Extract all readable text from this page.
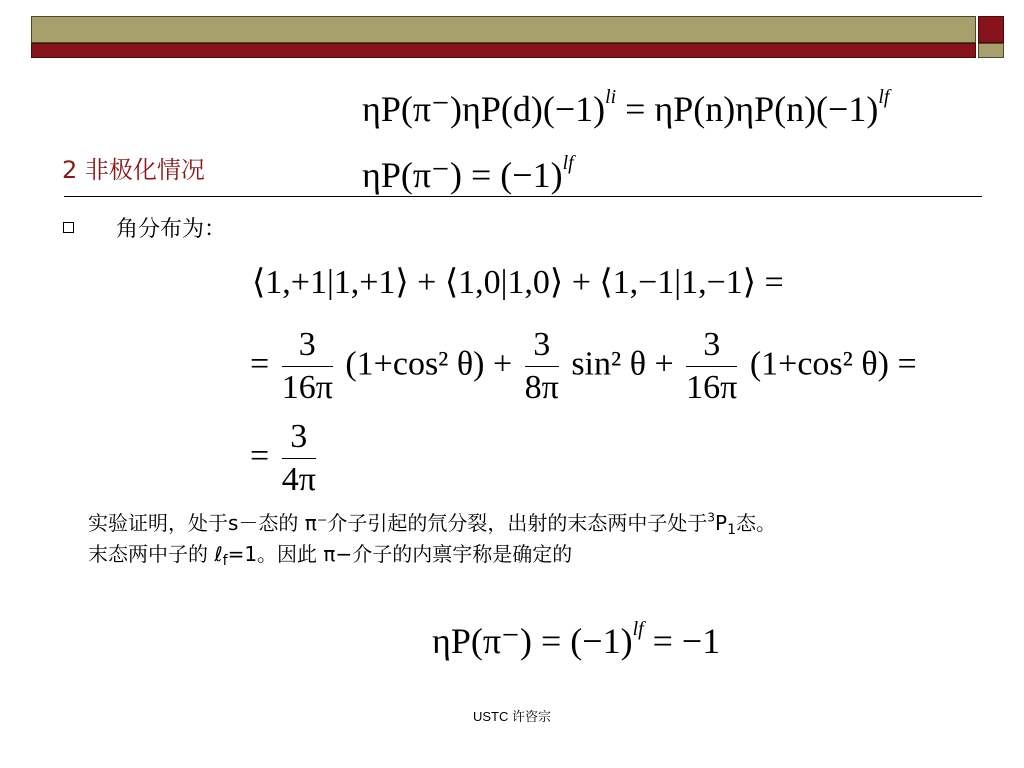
$\eta P(\pi^-)\eta P(d)(-1)^{li} = \eta P(n)\eta P(n)(-1)^{lf}$
2 非极化情况	$\eta P(\pi^-) = (-1)^{lf}$
角分布为：
⟨1,+1|1,+1⟩ + ⟨1,0|1,0⟩ + ⟨1,−1|1,−1⟩ =
= $\frac{3}{16\pi} (1+\cos^2$ $\theta) + \frac{3}{8\pi} \sin^2$ $\theta + \frac{3}{16\pi} (1+\cos^2$ θ) =
= $\frac{3}{4\pi}$
实验证明，处于s－态的 π⁻介子引起的氘分裂，出射的末态两中子处于$^3P_1$态。
末态两中子的 ℓ$_f$=1。因此 π−介子的内禀宇称是确定的
$\eta P(\pi^-) = (-1)^{lf} = -1$
USTC 许咨宗
